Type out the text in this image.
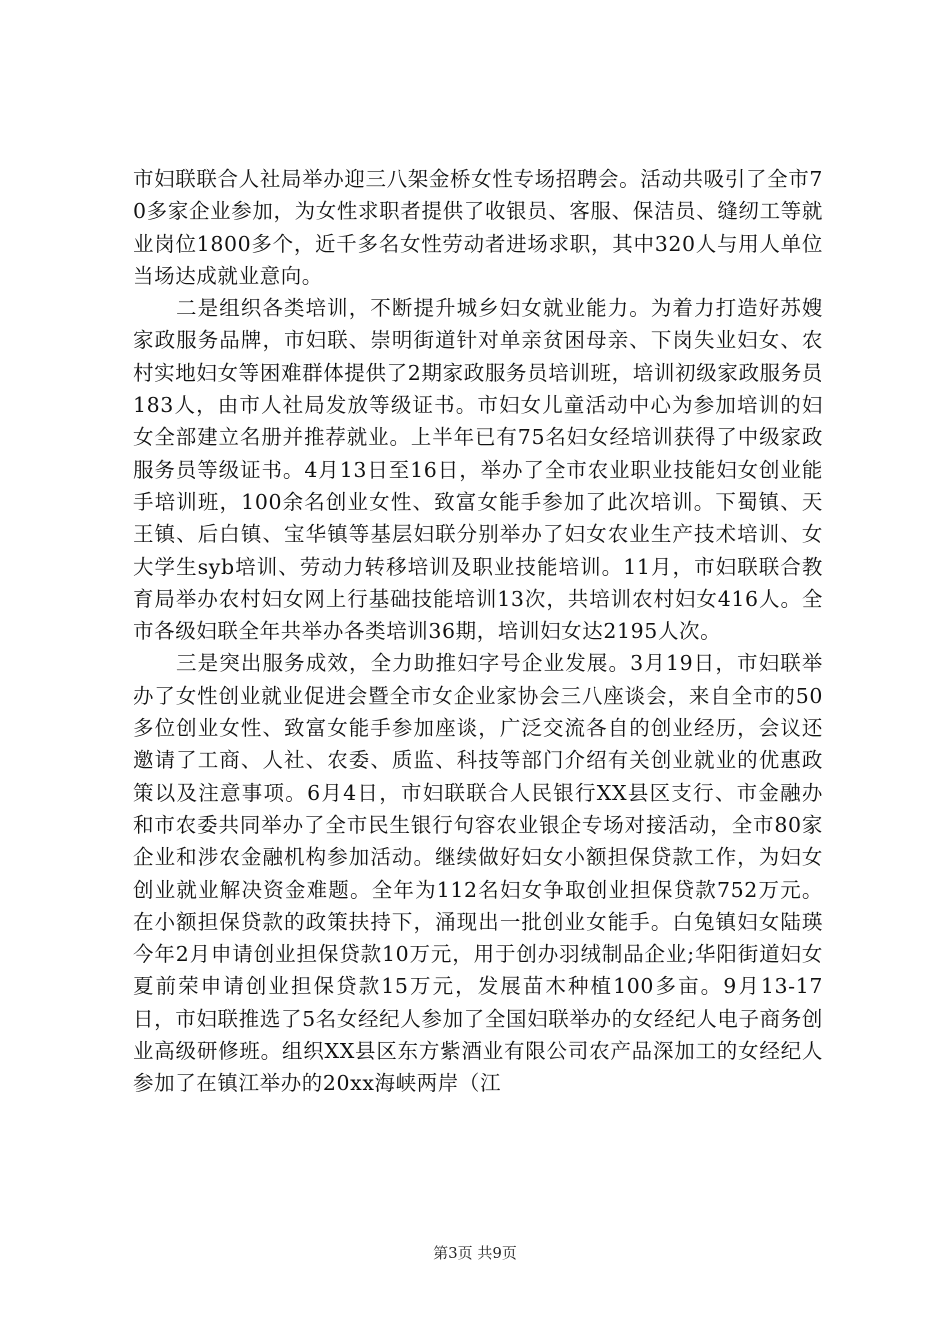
市妇联联合人社局举办迎三八架金桥女性专场招聘会。活动共吸引了全市70多家企业参加，为女性求职者提供了收银员、客服、保洁员、缝纫工等就业岗位1800多个，近千多名女性劳动者进场求职，其中320人与用人单位当场达成就业意向。

二是组织各类培训，不断提升城乡妇女就业能力。为着力打造好苏嫂家政服务品牌，市妇联、崇明街道针对单亲贫困母亲、下岗失业妇女、农村实地妇女等困难群体提供了2期家政服务员培训班，培训初级家政服务员183人，由市人社局发放等级证书。市妇女儿童活动中心为参加培训的妇女全部建立名册并推荐就业。上半年已有75名妇女经培训获得了中级家政服务员等级证书。4月13日至16日，举办了全市农业职业技能妇女创业能手培训班，100余名创业女性、致富女能手参加了此次培训。下蜀镇、天王镇、后白镇、宝华镇等基层妇联分别举办了妇女农业生产技术培训、女大学生syb培训、劳动力转移培训及职业技能培训。11月，市妇联联合教育局举办农村妇女网上行基础技能培训13次，共培训农村妇女416人。全市各级妇联全年共举办各类培训36期，培训妇女达2195人次。

三是突出服务成效，全力助推妇字号企业发展。3月19日，市妇联举办了女性创业就业促进会暨全市女企业家协会三八座谈会，来自全市的50多位创业女性、致富女能手参加座谈，广泛交流各自的创业经历，会议还邀请了工商、人社、农委、质监、科技等部门介绍有关创业就业的优惠政策以及注意事项。6月4日，市妇联联合人民银行XX县区支行、市金融办和市农委共同举办了全市民生银行句容农业银企专场对接活动，全市80家企业和涉农金融机构参加活动。继续做好妇女小额担保贷款工作，为妇女创业就业解决资金难题。全年为112名妇女争取创业担保贷款752万元。在小额担保贷款的政策扶持下，涌现出一批创业女能手。白兔镇妇女陆瑛今年2月申请创业担保贷款10万元，用于创办羽绒制品企业;华阳街道妇女夏前荣申请创业担保贷款15万元，发展苗木种植100多亩。9月13-17日，市妇联推选了5名女经纪人参加了全国妇联举办的女经纪人电子商务创业高级研修班。组织XX县区东方紫酒业有限公司农产品深加工的女经纪人参加了在镇江举办的20xx海峡两岸（江

第3页 共9页
